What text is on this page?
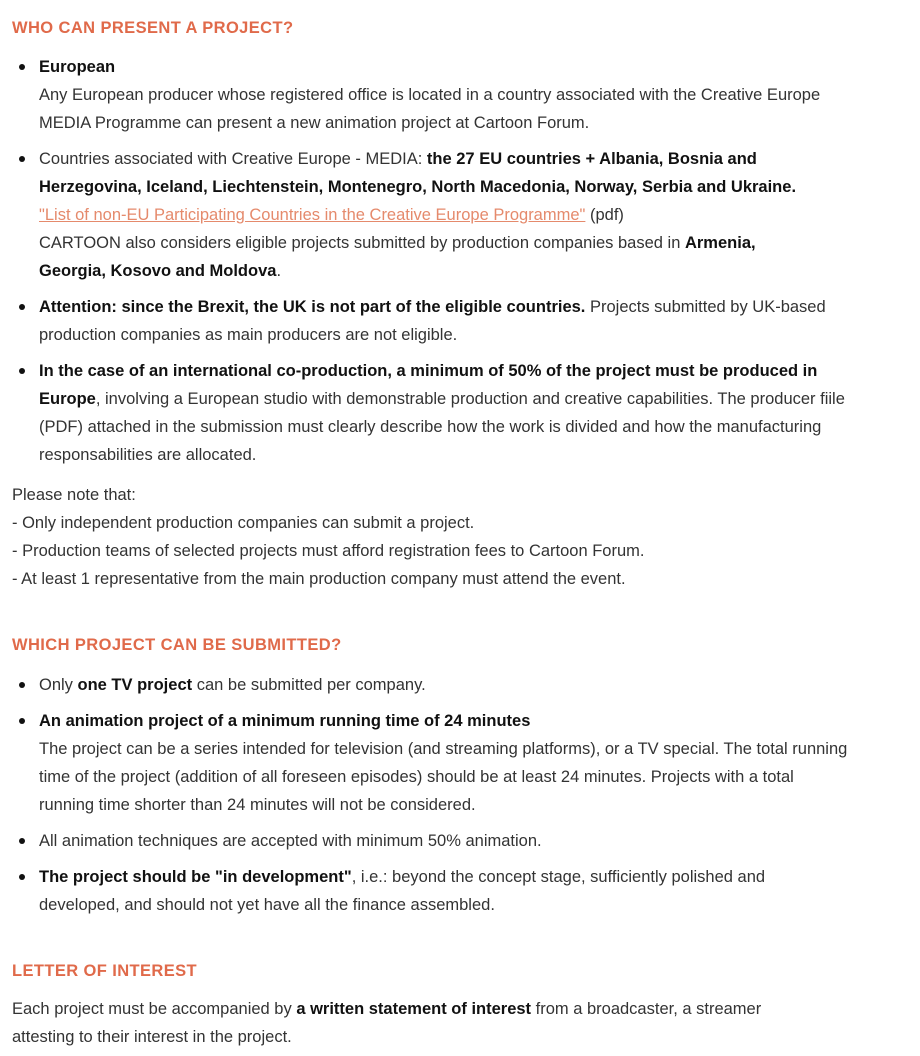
WHO CAN PRESENT A PROJECT?
European
Any European producer whose registered office is located in a country associated with the Creative Europe MEDIA Programme can present a new animation project at Cartoon Forum.
Countries associated with Creative Europe - MEDIA: the 27 EU countries + Albania, Bosnia and Herzegovina, Iceland, Liechtenstein, Montenegro, North Macedonia, Norway, Serbia and Ukraine.
"List of non-EU Participating Countries in the Creative Europe Programme" (pdf)
CARTOON also considers eligible projects submitted by production companies based in Armenia, Georgia, Kosovo and Moldova.
Attention: since the Brexit, the UK is not part of the eligible countries. Projects submitted by UK-based production companies as main producers are not eligible.
In the case of an international co-production, a minimum of 50% of the project must be produced in Europe, involving a European studio with demonstrable production and creative capabilities. The producer fiile (PDF) attached in the submission must clearly describe how the work is divided and how the manufacturing responsabilities are allocated.
Please note that:
- Only independent production companies can submit a project.
- Production teams of selected projects must afford registration fees to Cartoon Forum.
- At least 1 representative from the main production company must attend the event.
WHICH PROJECT CAN BE SUBMITTED?
Only one TV project can be submitted per company.
An animation project of a minimum running time of 24 minutes
The project can be a series intended for television (and streaming platforms), or a TV special. The total running time of the project (addition of all foreseen episodes) should be at least 24 minutes. Projects with a total running time shorter than 24 minutes will not be considered.
All animation techniques are accepted with minimum 50% animation.
The project should be "in development", i.e.: beyond the concept stage, sufficiently polished and developed, and should not yet have all the finance assembled.
LETTER OF INTEREST
Each project must be accompanied by a written statement of interest from a broadcaster, a streamer attesting to their interest in the project.
